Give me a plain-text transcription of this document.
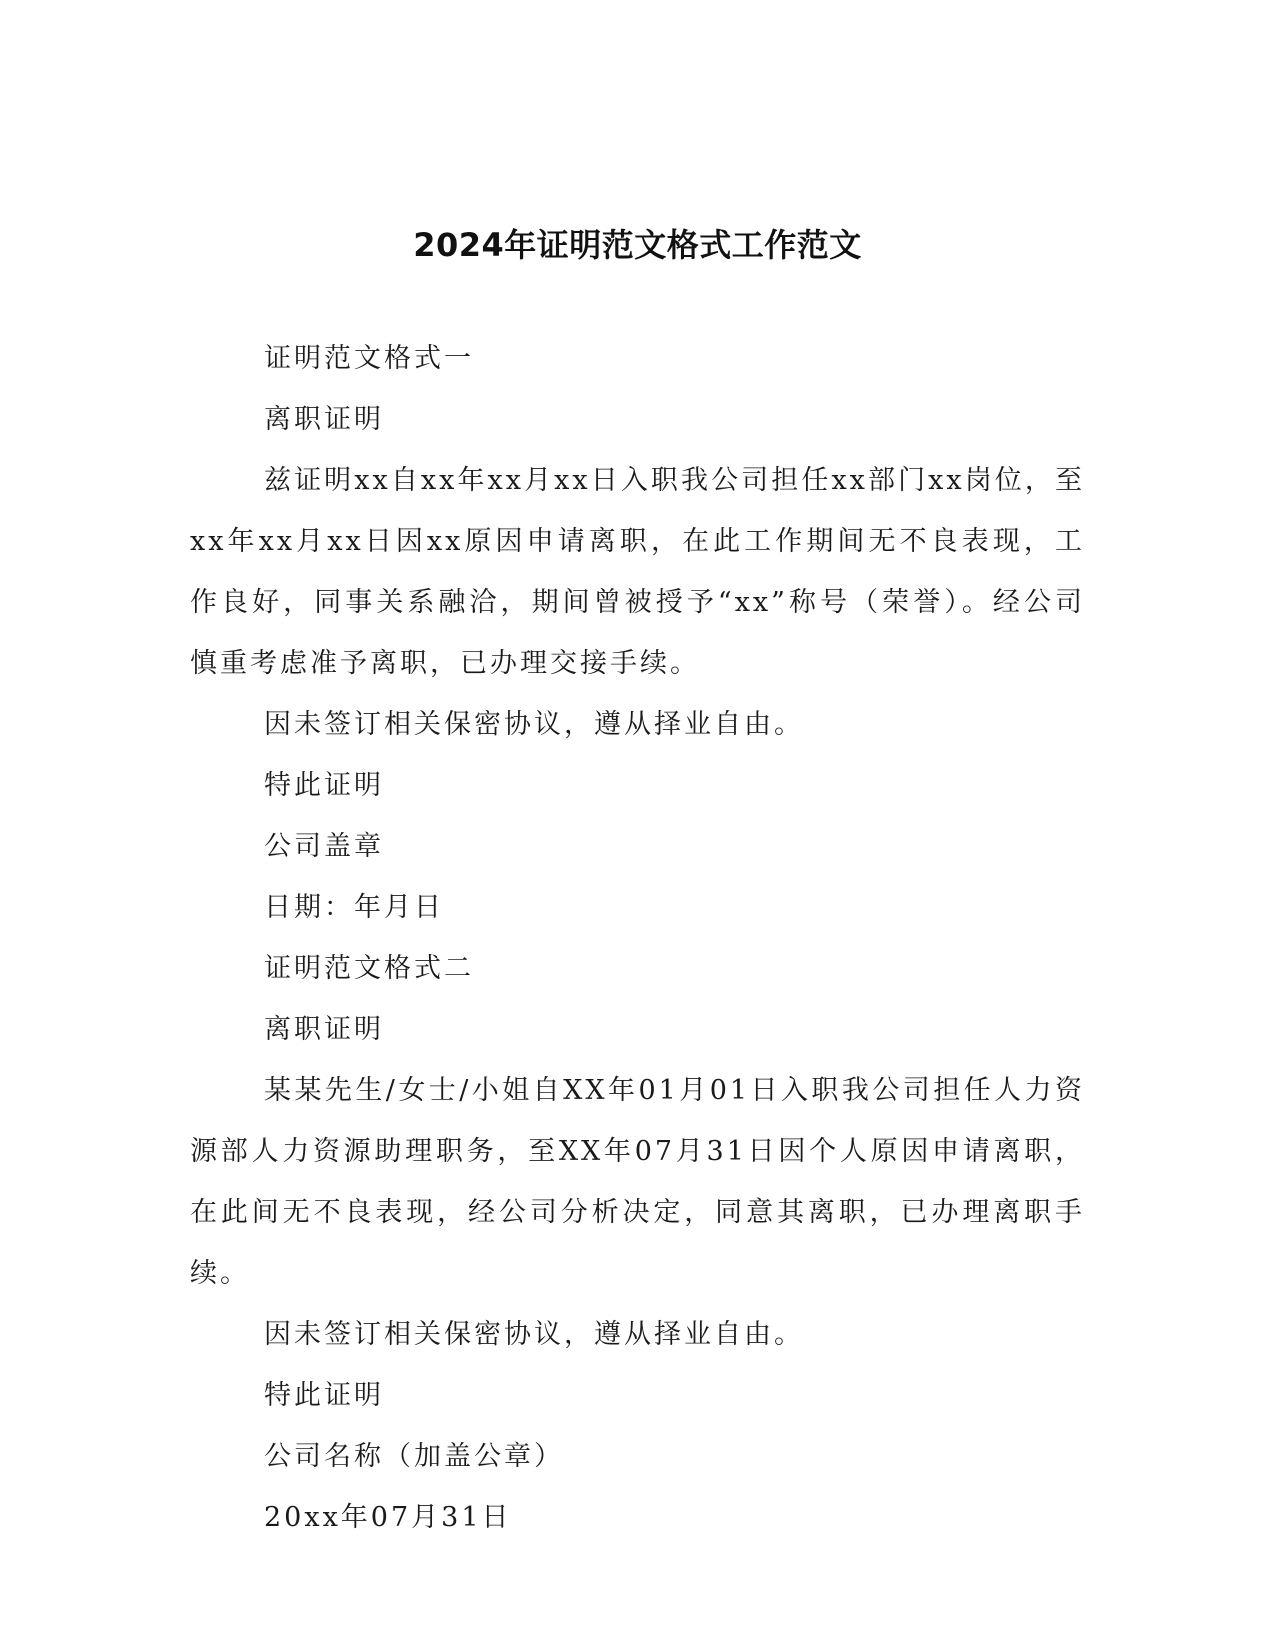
2024年证明范文格式工作范文

证明范文格式一

离职证明

兹证明xx自xx年xx月xx日入职我公司担任xx部门xx岗位，至xx年xx月xx日因xx原因申请离职，在此工作期间无不良表现，工作良好，同事关系融洽，期间曾被授予“xx”称号（荣誉）。经公司慎重考虑准予离职，已办理交接手续。

因未签订相关保密协议，遵从择业自由。

特此证明

公司盖章

日期：年月日

证明范文格式二

离职证明

某某先生/女士/小姐自XX年01月01日入职我公司担任人力资源部人力资源助理职务，至XX年07月31日因个人原因申请离职，在此间无不良表现，经公司分析决定，同意其离职，已办理离职手续。

因未签订相关保密协议，遵从择业自由。

特此证明

公司名称（加盖公章）

20xx年07月31日
